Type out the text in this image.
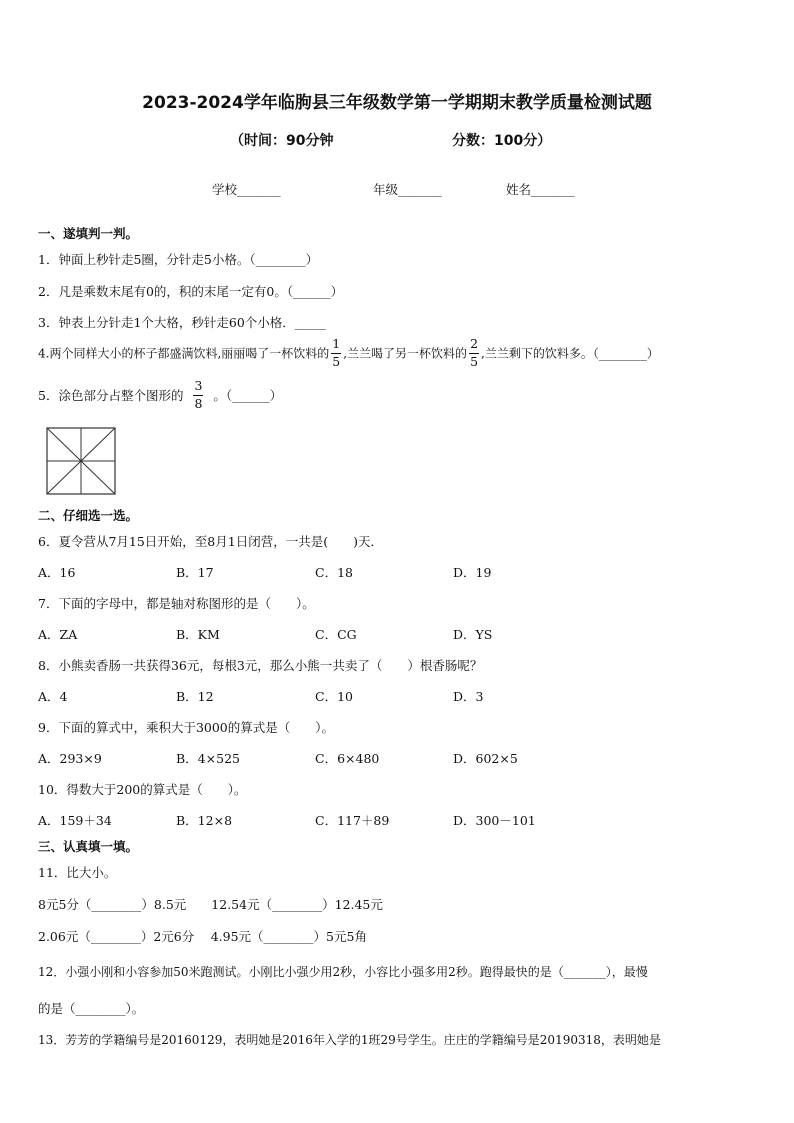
2023-2024学年临朐县三年级数学第一学期期末教学质量检测试题
（时间：90分钟	分数：100分）
学校_______	年级_______	姓名_______
一、遂填判一判。
1．钟面上秒针走5圈，分针走5小格。（________）
2．凡是乘数末尾有0的，积的末尾一定有0。（______）
3．钟表上分针走1个大格，秒针走60个小格．_____
4.两个同样大小的杯子都盛满饮料,丽丽喝了一杯饮料的 $\frac{1}{5}$ ,兰兰喝了另一杯饮料的 $\frac{2}{5}$ ,兰兰剩下的饮料多。（________）
5．涂色部分占整个图形的 $\frac{3}{8}$ 。（______）
二、仔细选一选。
6．夏令营从7月15日开始，至8月1日闭营，一共是(　　)天．
A．16	B．17	C．18	D．19
7．下面的字母中，都是轴对称图形的是（　　）。
A．ZA	B．KM	C．CG	D．YS
8．小熊卖香肠一共获得36元，每根3元，那么小熊一共卖了（　　）根香肠呢？
A．4	B．12	C．10	D．3
9．下面的算式中，乘积大于3000的算式是（　　）。
A．293×9	B．4×525	C．6×480	D．602×5
10．得数大于200的算式是（　　）。
A．159＋34	B．12×8	C．117＋89	D．300－101
三、认真填一填。
11．比大小。
8元5分（________）8.5元　　12.54元（________）12.45元
2.06元（________）2元6分　 4.95元（________）5元5角
12．小强小刚和小容参加50米跑测试。小刚比小强少用2秒，小容比小强多用2秒。跑得最快的是（_______），最慢
的是（________）。
13．芳芳的学籍编号是20160129，表明她是2016年入学的1班29号学生。庄庄的学籍编号是20190318，表明她是
